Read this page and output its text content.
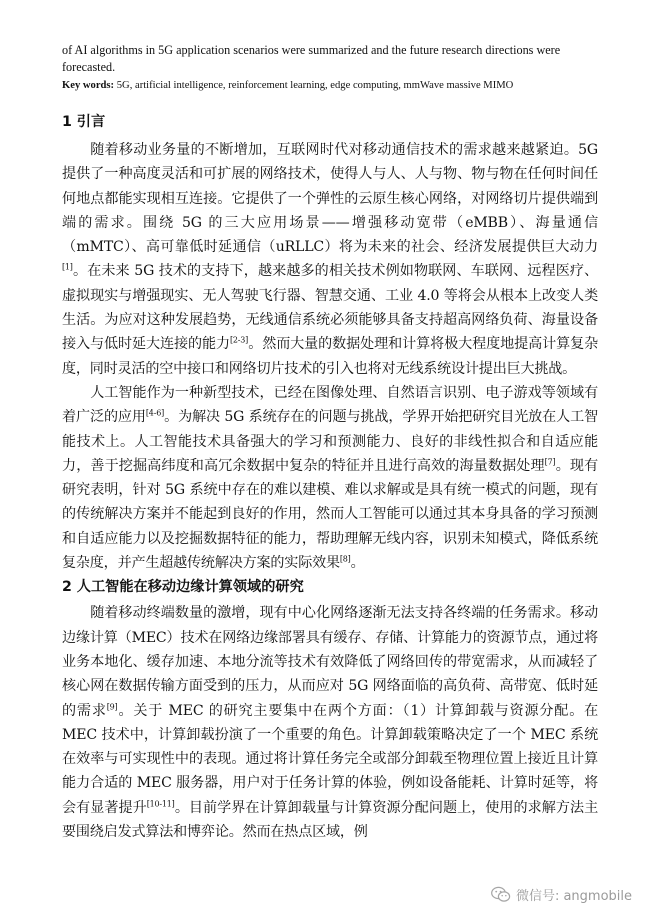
of AI algorithms in 5G application scenarios were summarized and the future research directions were forecasted.

Key words: 5G, artificial intelligence, reinforcement learning, edge computing, mmWave massive MIMO

1 引言

随着移动业务量的不断增加，互联网时代对移动通信技术的需求越来越紧迫。5G 提供了一种高度灵活和可扩展的网络技术，使得人与人、人与物、物与物在任何时间任何地点都能实现相互连接。它提供了一个弹性的云原生核心网络，对网络切片提供端到端的需求。围绕 5G 的三大应用场景——增强移动宽带（eMBB）、海量通信（mMTC）、高可靠低时延通信（uRLLC）将为未来的社会、经济发展提供巨大动力[1]。在未来 5G 技术的支持下，越来越多的相关技术例如物联网、车联网、远程医疗、虚拟现实与增强现实、无人驾驶飞行器、智慧交通、工业 4.0 等将会从根本上改变人类生活。为应对这种发展趋势，无线通信系统必须能够具备支持超高网络负荷、海量设备接入与低时延大连接的能力[2-3]。然而大量的数据处理和计算将极大程度地提高计算复杂度，同时灵活的空中接口和网络切片技术的引入也将对无线系统设计提出巨大挑战。

人工智能作为一种新型技术，已经在图像处理、自然语言识别、电子游戏等领域有着广泛的应用[4-6]。为解决 5G 系统存在的问题与挑战，学界开始把研究目光放在人工智能技术上。人工智能技术具备强大的学习和预测能力、良好的非线性拟合和自适应能力，善于挖掘高纬度和高冗余数据中复杂的特征并且进行高效的海量数据处理[7]。现有研究表明，针对 5G 系统中存在的难以建模、难以求解或是具有统一模式的问题，现有的传统解决方案并不能起到良好的作用，然而人工智能可以通过其本身具备的学习预测和自适应能力以及挖掘数据特征的能力，帮助理解无线内容，识别未知模式，降低系统复杂度，并产生超越传统解决方案的实际效果[8]。

2 人工智能在移动边缘计算领域的研究

随着移动终端数量的激增，现有中心化网络逐渐无法支持各终端的任务需求。移动边缘计算（MEC）技术在网络边缘部署具有缓存、存储、计算能力的资源节点，通过将业务本地化、缓存加速、本地分流等技术有效降低了网络回传的带宽需求，从而减轻了核心网在数据传输方面受到的压力，从而应对 5G 网络面临的高负荷、高带宽、低时延的需求[9]。关于 MEC 的研究主要集中在两个方面：（1）计算卸载与资源分配。在 MEC 技术中，计算卸载扮演了一个重要的角色。计算卸载策略决定了一个 MEC 系统在效率与可实现性中的表现。通过将计算任务完全或部分卸载至物理位置上接近且计算能力合适的 MEC 服务器，用户对于任务计算的体验，例如设备能耗、计算时延等，将会有显著提升[10-11]。目前学界在计算卸载量与计算资源分配问题上，使用的求解方法主要围绕启发式算法和博弈论。然而在热点区域，例

微信号: angmobile
